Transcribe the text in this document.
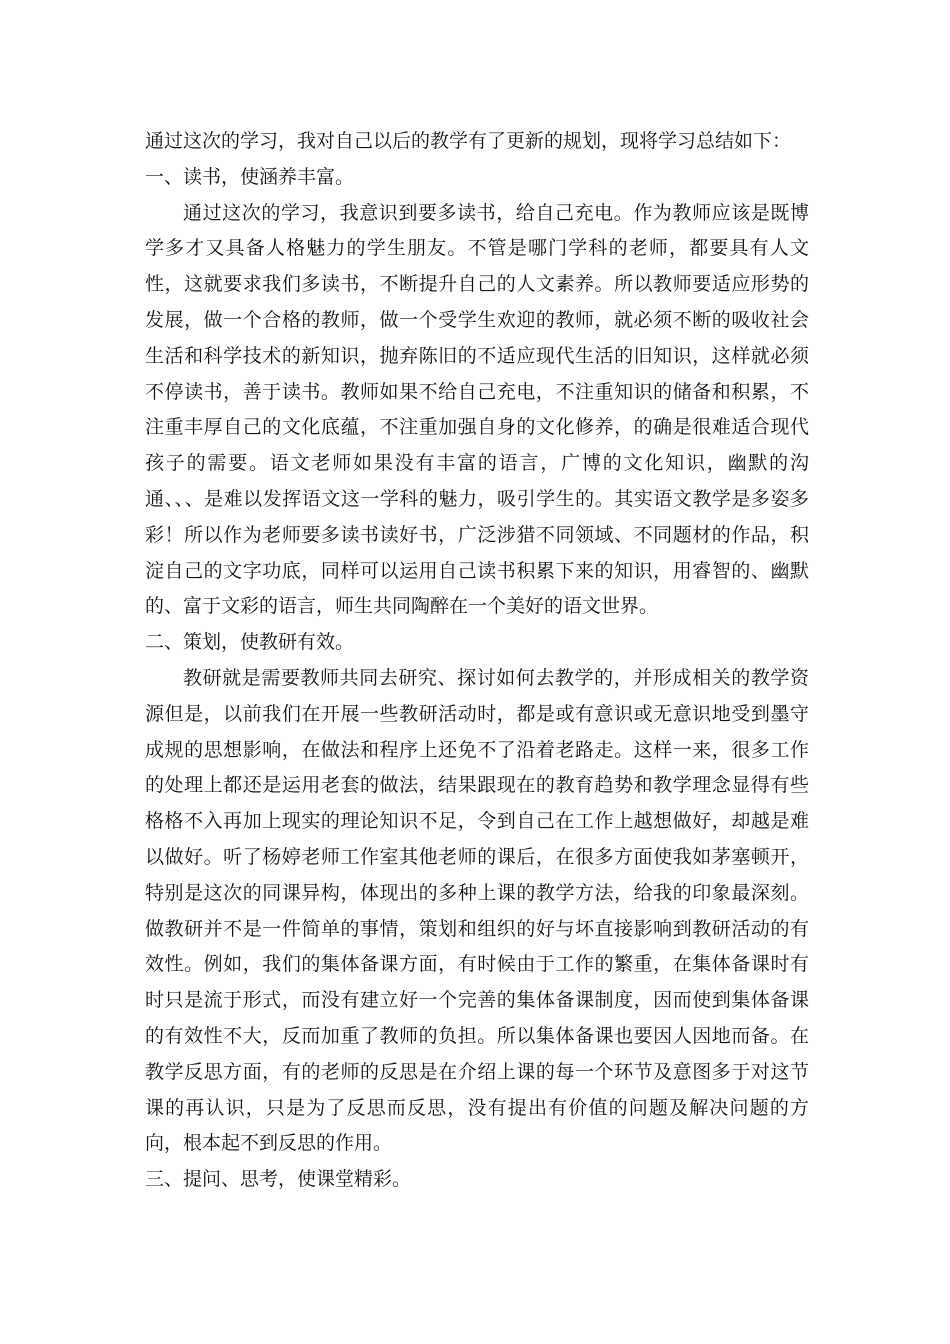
通过这次的学习，我对自己以后的教学有了更新的规划，现将学习总结如下：

一、读书，使涵养丰富。

通过这次的学习，我意识到要多读书，给自己充电。作为教师应该是既博学多才又具备人格魅力的学生朋友。不管是哪门学科的老师，都要具有人文性，这就要求我们多读书，不断提升自己的人文素养。所以教师要适应形势的发展，做一个合格的教师，做一个受学生欢迎的教师，就必须不断的吸收社会生活和科学技术的新知识，抛弃陈旧的不适应现代生活的旧知识，这样就必须不停读书，善于读书。教师如果不给自己充电，不注重知识的储备和积累，不注重丰厚自己的文化底蕴，不注重加强自身的文化修养，的确是很难适合现代孩子的需要。语文老师如果没有丰富的语言，广博的文化知识，幽默的沟通、、、是难以发挥语文这一学科的魅力，吸引学生的。其实语文教学是多姿多彩！所以作为老师要多读书读好书，广泛涉猎不同领域、不同题材的作品，积淀自己的文字功底，同样可以运用自己读书积累下来的知识，用睿智的、幽默的、富于文彩的语言，师生共同陶醉在一个美好的语文世界。

二、策划，使教研有效。

教研就是需要教师共同去研究、探讨如何去教学的，并形成相关的教学资源但是，以前我们在开展一些教研活动时，都是或有意识或无意识地受到墨守成规的思想影响，在做法和程序上还免不了沿着老路走。这样一来，很多工作的处理上都还是运用老套的做法，结果跟现在的教育趋势和教学理念显得有些格格不入再加上现实的理论知识不足，令到自己在工作上越想做好，却越是难以做好。听了杨婷老师工作室其他老师的课后，在很多方面使我如茅塞顿开，特别是这次的同课异构，体现出的多种上课的教学方法，给我的印象最深刻。做教研并不是一件简单的事情，策划和组织的好与坏直接影响到教研活动的有效性。例如，我们的集体备课方面，有时候由于工作的繁重，在集体备课时有时只是流于形式，而没有建立好一个完善的集体备课制度，因而使到集体备课的有效性不大，反而加重了教师的负担。所以集体备课也要因人因地而备。在教学反思方面，有的老师的反思是在介绍上课的每一个环节及意图多于对这节课的再认识，只是为了反思而反思，没有提出有价值的问题及解决问题的方向，根本起不到反思的作用。

三、提问、思考，使课堂精彩。
